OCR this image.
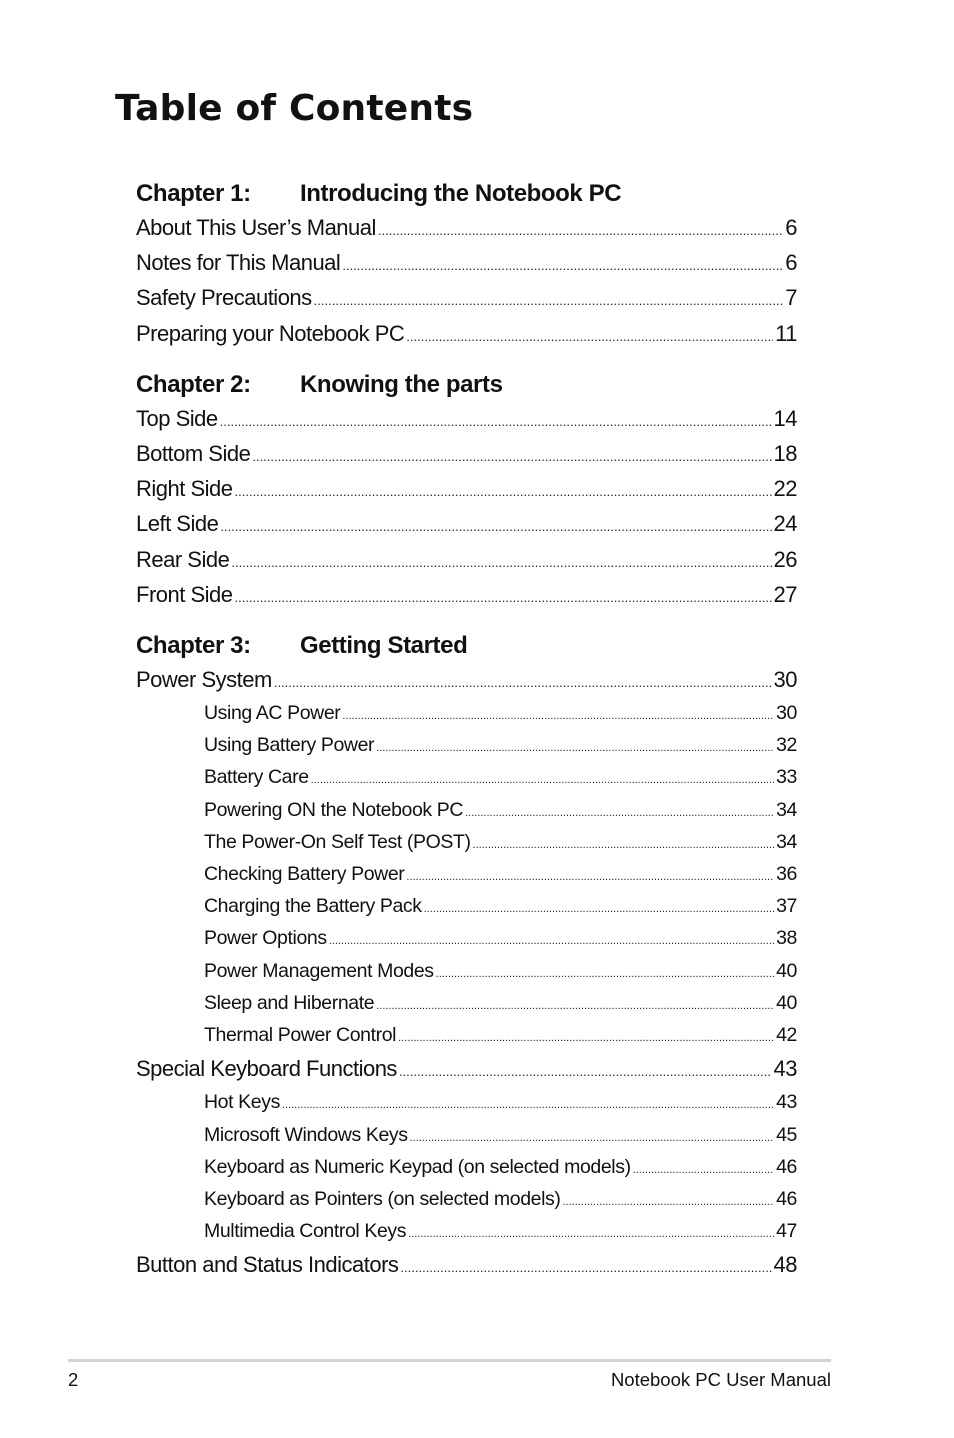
Table of Contents
Chapter 1:	Introducing the Notebook PC
About This User’s Manual .....	6
Notes for This Manual .....	6
Safety Precautions .....	7
Preparing your Notebook PC .....	11
Chapter 2:	Knowing the parts
Top Side .....	14
Bottom Side .....	18
Right Side .....	22
Left Side .....	24
Rear Side .....	26
Front Side .....	27
Chapter 3:	Getting Started
Power System .....	30
Using AC Power .....	30
Using Battery Power .....	32
Battery Care .....	33
Powering ON the Notebook PC .....	34
The Power-On Self Test (POST) .....	34
Checking Battery Power .....	36
Charging the Battery Pack .....	37
Power Options .....	38
Power Management Modes .....	40
Sleep and Hibernate .....	40
Thermal Power Control .....	42
Special Keyboard Functions .....	43
Hot Keys .....	43
Microsoft Windows Keys .....	45
Keyboard as Numeric Keypad (on selected models) .....	46
Keyboard as Pointers (on selected models) .....	46
Multimedia Control Keys .....	47
Button and Status Indicators .....	48
2	Notebook PC User Manual
